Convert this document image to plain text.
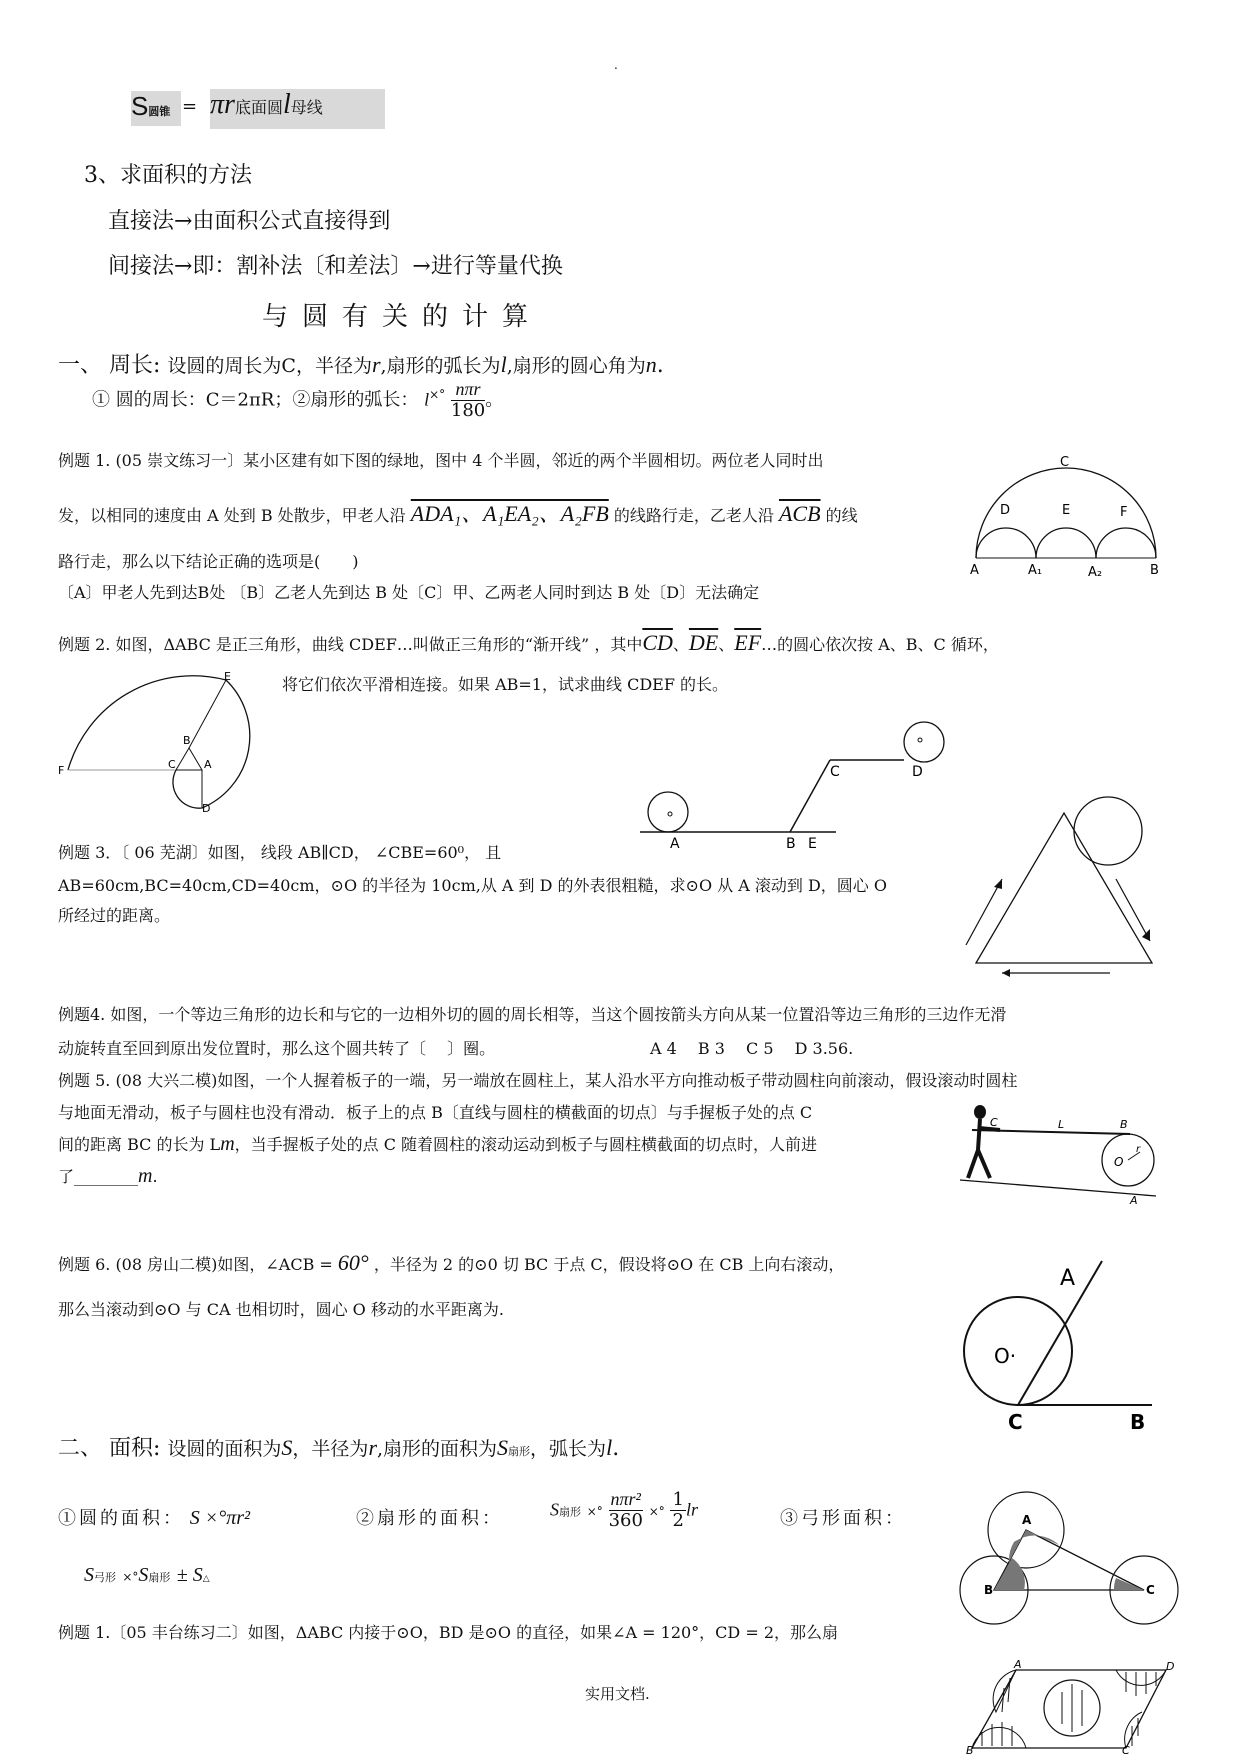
.
S圆锥 = πr底面圆l母线
3、求面积的方法
直接法→由面积公式直接得到
间接法→即：割补法〔和差法〕→进行等量代换
与圆有关的计算
一、 周长: 设圆的周长为C，半径为r,扇形的弧长为l,扇形的圆心角为n.
① 圆的周长：C＝2πR；②扇形的弧长： $l^{\times^\circ} \frac{\text{nπr}}{180}$ 。
例题 1. (05 崇文练习一〕某小区建有如下图的绿地，图中 4 个半圆，邻近的两个半圆相切。两位老人同时出
发，以相同的速度由 A 处到 B 处散步，甲老人沿 ADA₁、A₁EA₂、A₂FB 的线路行走，乙老人沿 $\overline{ACB}$ 的线
路行走，那么以下结论正确的选项是(　　)
〔A〕甲老人先到达B处 〔B〕乙老人先到达 B 处〔C〕甲、乙两老人同时到达 B 处〔D〕无法确定
C
D	E	F
A	A₁	A₂	B
例题 2. 如图，ΔABC 是正三角形，曲线 CDEF…叫做正三角形的“渐开线” ，其中$\overline{CD}$、$\overline{DE}$、$\overline{EF}\dots$的圆心依次按 A、B、C 循环，
将它们依次平滑相连接。如果 AB=1，试求曲线 CDEF 的长。
E
B
C	A
F
D
A	B E
C	D
例题 3．〔 06 芜湖〕如图， 线段 AB∥CD， ∠CBE=60⁰， 且
AB=60cm,BC=40cm,CD=40cm，⊙O 的半径为 10cm,从 A 到 D 的外表很粗糙，求⊙O 从 A 滚动到 D，圆心 O
所经过的距离。
例题4. 如图，一个等边三角形的边长和与它的一边相外切的圆的周长相等，当这个圆按箭头方向从某一位置沿等边三角形的三边作无滑
动旋转直至回到原出发位置时，那么这个圆共转了〔　 〕圈。	A 4　 B 3　 C 5　 D 3.56.
例题 5. (08 大兴二模)如图，一个人握着板子的一端，另一端放在圆柱上，某人沿水平方向推动板子带动圆柱向前滚动，假设滚动时圆柱
与地面无滑动，板子与圆柱也没有滑动．板子上的点 B〔直线与圆柱的横截面的切点〕与手握板子处的点 C
间的距离 BC 的长为 Lm，当手握板子处的点 C 随着圆柱的滚动运动到板子与圆柱横截面的切点时，人前进
了________m.
C	L	B
O
r
A
例题 6. (08 房山二模)如图，∠ACB = 60° ，半径为 2 的⊙0 切 BC 于点 C，假设将⊙O 在 CB 上向右滚动，
那么当滚动到⊙O 与 CA 也相切时，圆心 O 移动的水平距离为.
A
O·
C	B
二、 面积: 设圆的面积为S，半径为r,扇形的面积为S扇形，弧长为l.
①圆的面积： S ×°πr²	②扇形的面积：	S扇形 ×° $\frac{\text{nπr²}}{360}$ ×° $\frac{1}{2}$ lr	③弓形面积：
S弓形 ×°S扇形 ± S△
A
B	C
例题 1.〔05 丰台练习二〕如图，ΔABC 内接于⊙O，BD 是⊙O 的直径，如果∠A = 120°，CD = 2，那么扇
A	D
B	C
实用文档.
